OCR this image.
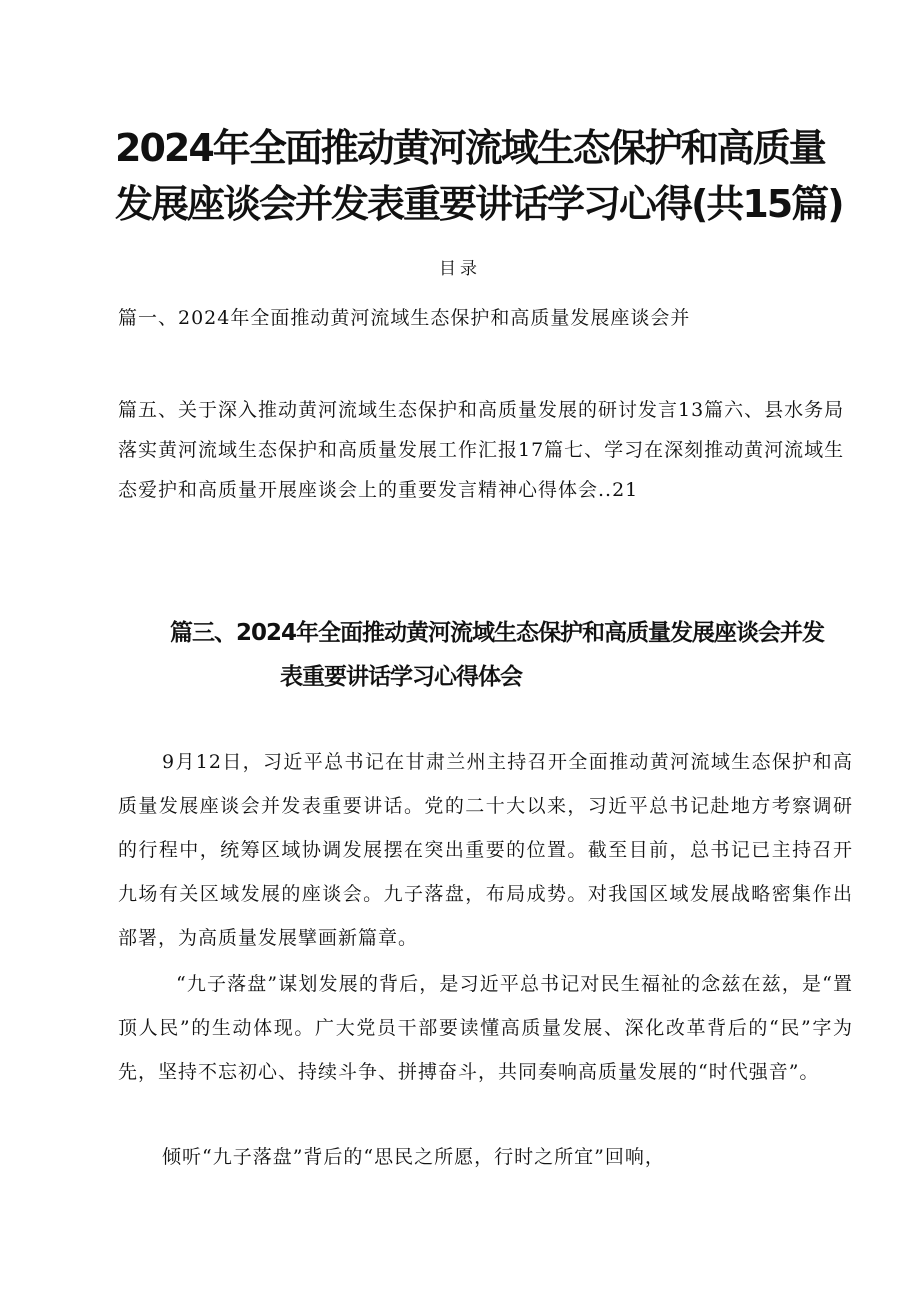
2024年全面推动黄河流域生态保护和高质量发展座谈会并发表重要讲话学习心得(共15篇)
目录

篇一、2024年全面推动黄河流域生态保护和高质量发展座谈会并

篇五、关于深入推动黄河流域生态保护和高质量发展的研讨发言13篇六、县水务局落实黄河流域生态保护和高质量发展工作汇报17篇七、学习在深刻推动黄河流域生态爱护和高质量开展座谈会上的重要发言精神心得体会..21

篇三、2024年全面推动黄河流域生态保护和高质量发展座谈会并发
表重要讲话学习心得体会

9月12日，习近平总书记在甘肃兰州主持召开全面推动黄河流域生态保护和高质量发展座谈会并发表重要讲话。党的二十大以来，习近平总书记赴地方考察调研的行程中，统筹区域协调发展摆在突出重要的位置。截至目前，总书记已主持召开九场有关区域发展的座谈会。九子落盘，布局成势。对我国区域发展战略密集作出部署，为高质量发展擘画新篇章。

“九子落盘”谋划发展的背后，是习近平总书记对民生福祉的念兹在兹，是“置顶人民”的生动体现。广大党员干部要读懂高质量发展、深化改革背后的“民”字为先，坚持不忘初心、持续斗争、拼搏奋斗，共同奏响高质量发展的“时代强音”。

倾听“九子落盘”背后的“思民之所愿，行时之所宜”回响，
